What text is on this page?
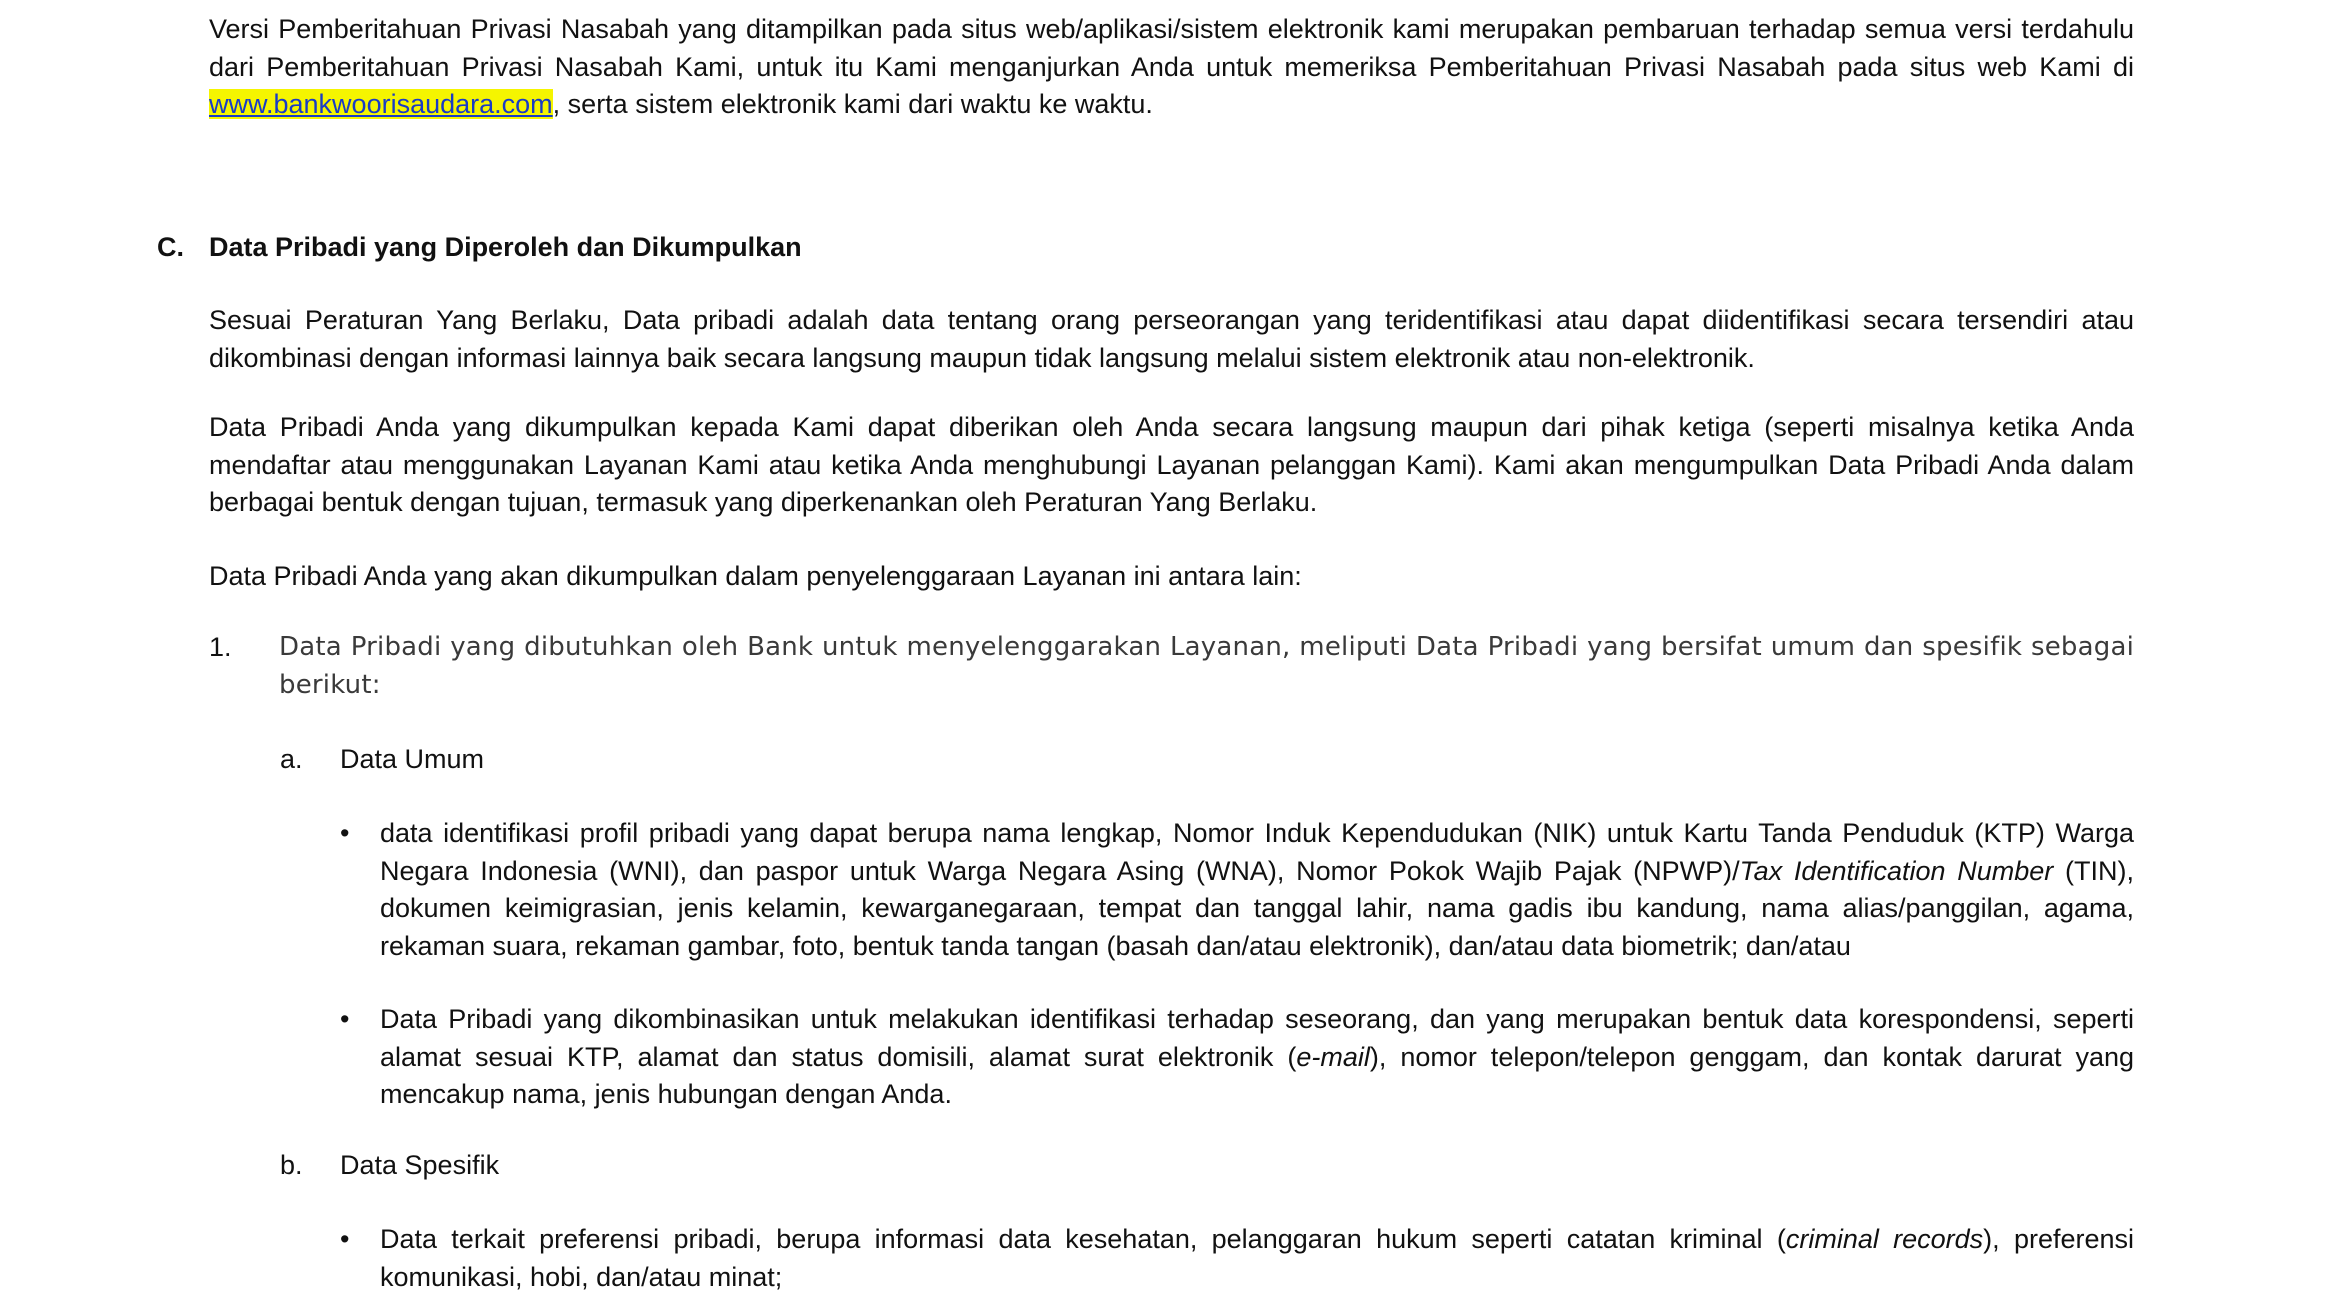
Versi Pemberitahuan Privasi Nasabah yang ditampilkan pada situs web/aplikasi/sistem elektronik kami merupakan pembaruan terhadap semua versi terdahulu dari Pemberitahuan Privasi Nasabah Kami, untuk itu Kami menganjurkan Anda untuk memeriksa Pemberitahuan Privasi Nasabah pada situs web Kami di www.bankwoorisaudara.com, serta sistem elektronik kami dari waktu ke waktu.

C. Data Pribadi yang Diperoleh dan Dikumpulkan

Sesuai Peraturan Yang Berlaku, Data pribadi adalah data tentang orang perseorangan yang teridentifikasi atau dapat diidentifikasi secara tersendiri atau dikombinasi dengan informasi lainnya baik secara langsung maupun tidak langsung melalui sistem elektronik atau non-elektronik.

Data Pribadi Anda yang dikumpulkan kepada Kami dapat diberikan oleh Anda secara langsung maupun dari pihak ketiga (seperti misalnya ketika Anda mendaftar atau menggunakan Layanan Kami atau ketika Anda menghubungi Layanan pelanggan Kami). Kami akan mengumpulkan Data Pribadi Anda dalam berbagai bentuk dengan tujuan, termasuk yang diperkenankan oleh Peraturan Yang Berlaku.

Data Pribadi Anda yang akan dikumpulkan dalam penyelenggaraan Layanan ini antara lain:

1. Data Pribadi yang dibutuhkan oleh Bank untuk menyelenggarakan Layanan, meliputi Data Pribadi yang bersifat umum dan spesifik sebagai berikut:
a. Data Umum
• data identifikasi profil pribadi yang dapat berupa nama lengkap, Nomor Induk Kependudukan (NIK) untuk Kartu Tanda Penduduk (KTP) Warga Negara Indonesia (WNI), dan paspor untuk Warga Negara Asing (WNA), Nomor Pokok Wajib Pajak (NPWP)/Tax Identification Number (TIN), dokumen keimigrasian, jenis kelamin, kewarganegaraan, tempat dan tanggal lahir, nama gadis ibu kandung, nama alias/panggilan, agama, rekaman suara, rekaman gambar, foto, bentuk tanda tangan (basah dan/atau elektronik), dan/atau data biometrik; dan/atau
• Data Pribadi yang dikombinasikan untuk melakukan identifikasi terhadap seseorang, dan yang merupakan bentuk data korespondensi, seperti alamat sesuai KTP, alamat dan status domisili, alamat surat elektronik (e-mail), nomor telepon/telepon genggam, dan kontak darurat yang mencakup nama, jenis hubungan dengan Anda.
b. Data Spesifik
• Data terkait preferensi pribadi, berupa informasi data kesehatan, pelanggaran hukum seperti catatan kriminal (criminal records), preferensi komunikasi, hobi, dan/atau minat;
